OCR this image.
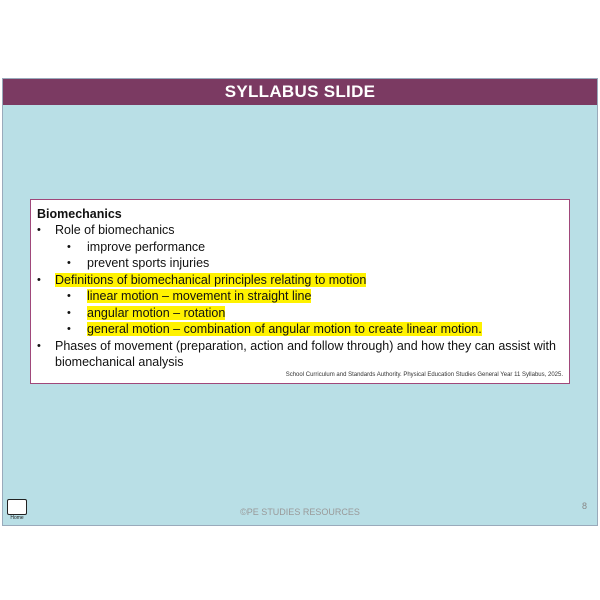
SYLLABUS SLIDE
Biomechanics
• Role of biomechanics
• improve performance
• prevent sports injuries
• Definitions of biomechanical principles relating to motion
• linear motion – movement in straight line
• angular motion – rotation
• general motion – combination of angular motion to create linear motion.
• Phases of movement (preparation, action and follow through) and how they can assist with biomechanical analysis
School Curriculum and Standards Authority. Physical Education Studies General Year 11 Syllabus, 2025.
Home
©PE STUDIES RESOURCES
8
